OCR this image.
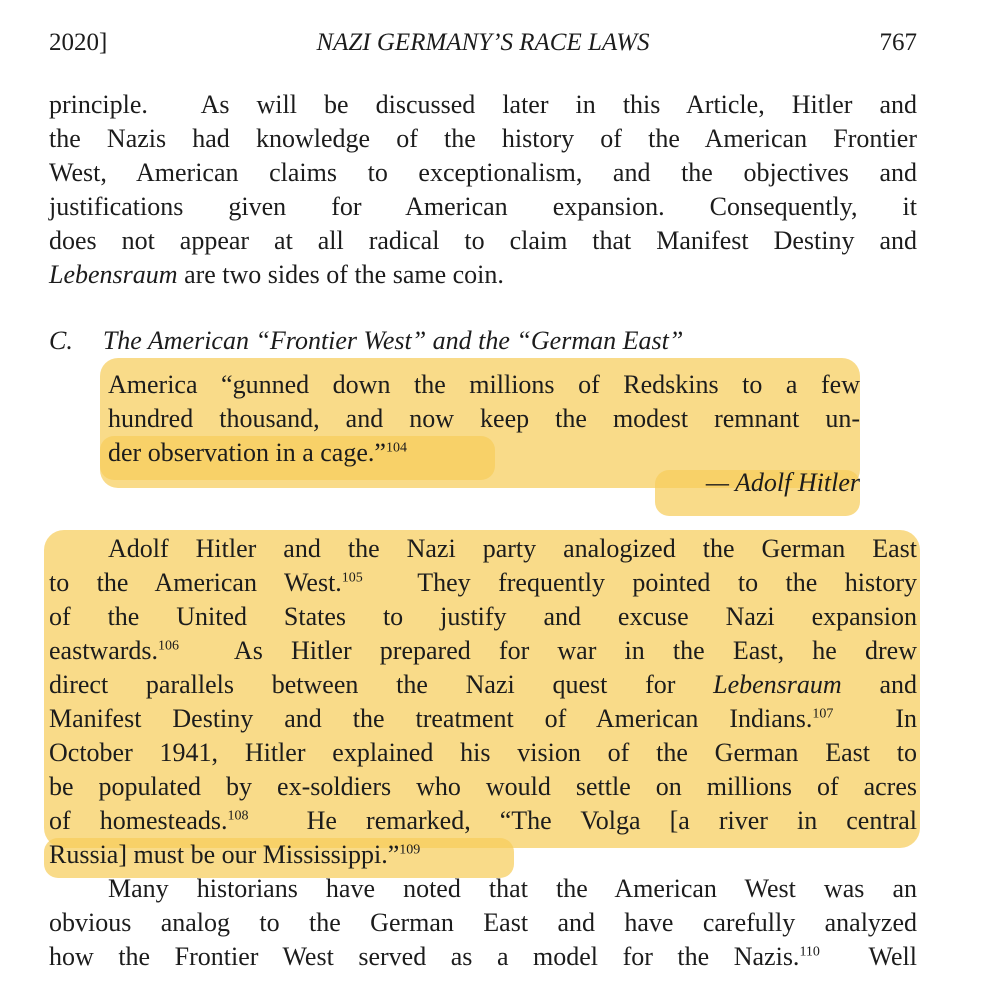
2020]	NAZI GERMANY’S RACE LAWS	767
principle.  As will be discussed later in this Article, Hitler and
the Nazis had knowledge of the history of the American Frontier
West, American claims to exceptionalism, and the objectives and
justifications  given  for  American  expansion.  Consequently,  it
does not appear at all radical to claim that Manifest Destiny and
Lebensraum are two sides of the same coin.
C. The American “Frontier West” and the “German East”
America “gunned down the millions of Redskins to a few
hundred thousand, and now keep the modest remnant un-
der observation in a cage.”$^{104}$
— Adolf Hitler
Adolf Hitler and the Nazi party analogized the German East
to the American West.$^{105}$  They frequently pointed to the history
of  the  United  States  to  justify  and  excuse  Nazi  expansion
eastwards.$^{106}$  As Hitler prepared for war in the East, he drew
direct parallels between the Nazi quest for Lebensraum and
Manifest Destiny and the treatment of American Indians.$^{107}$  In
October 1941, Hitler explained his vision of the German East to
be populated by ex-soldiers who would settle on millions of acres
of homesteads.$^{108}$  He remarked, “The Volga [a river in central
Russia] must be our Mississippi.”$^{109}$
Many historians have noted that the American West was an
obvious analog to the German East and have carefully analyzed
how the Frontier West served as a model for the Nazis.$^{110}$  Well
